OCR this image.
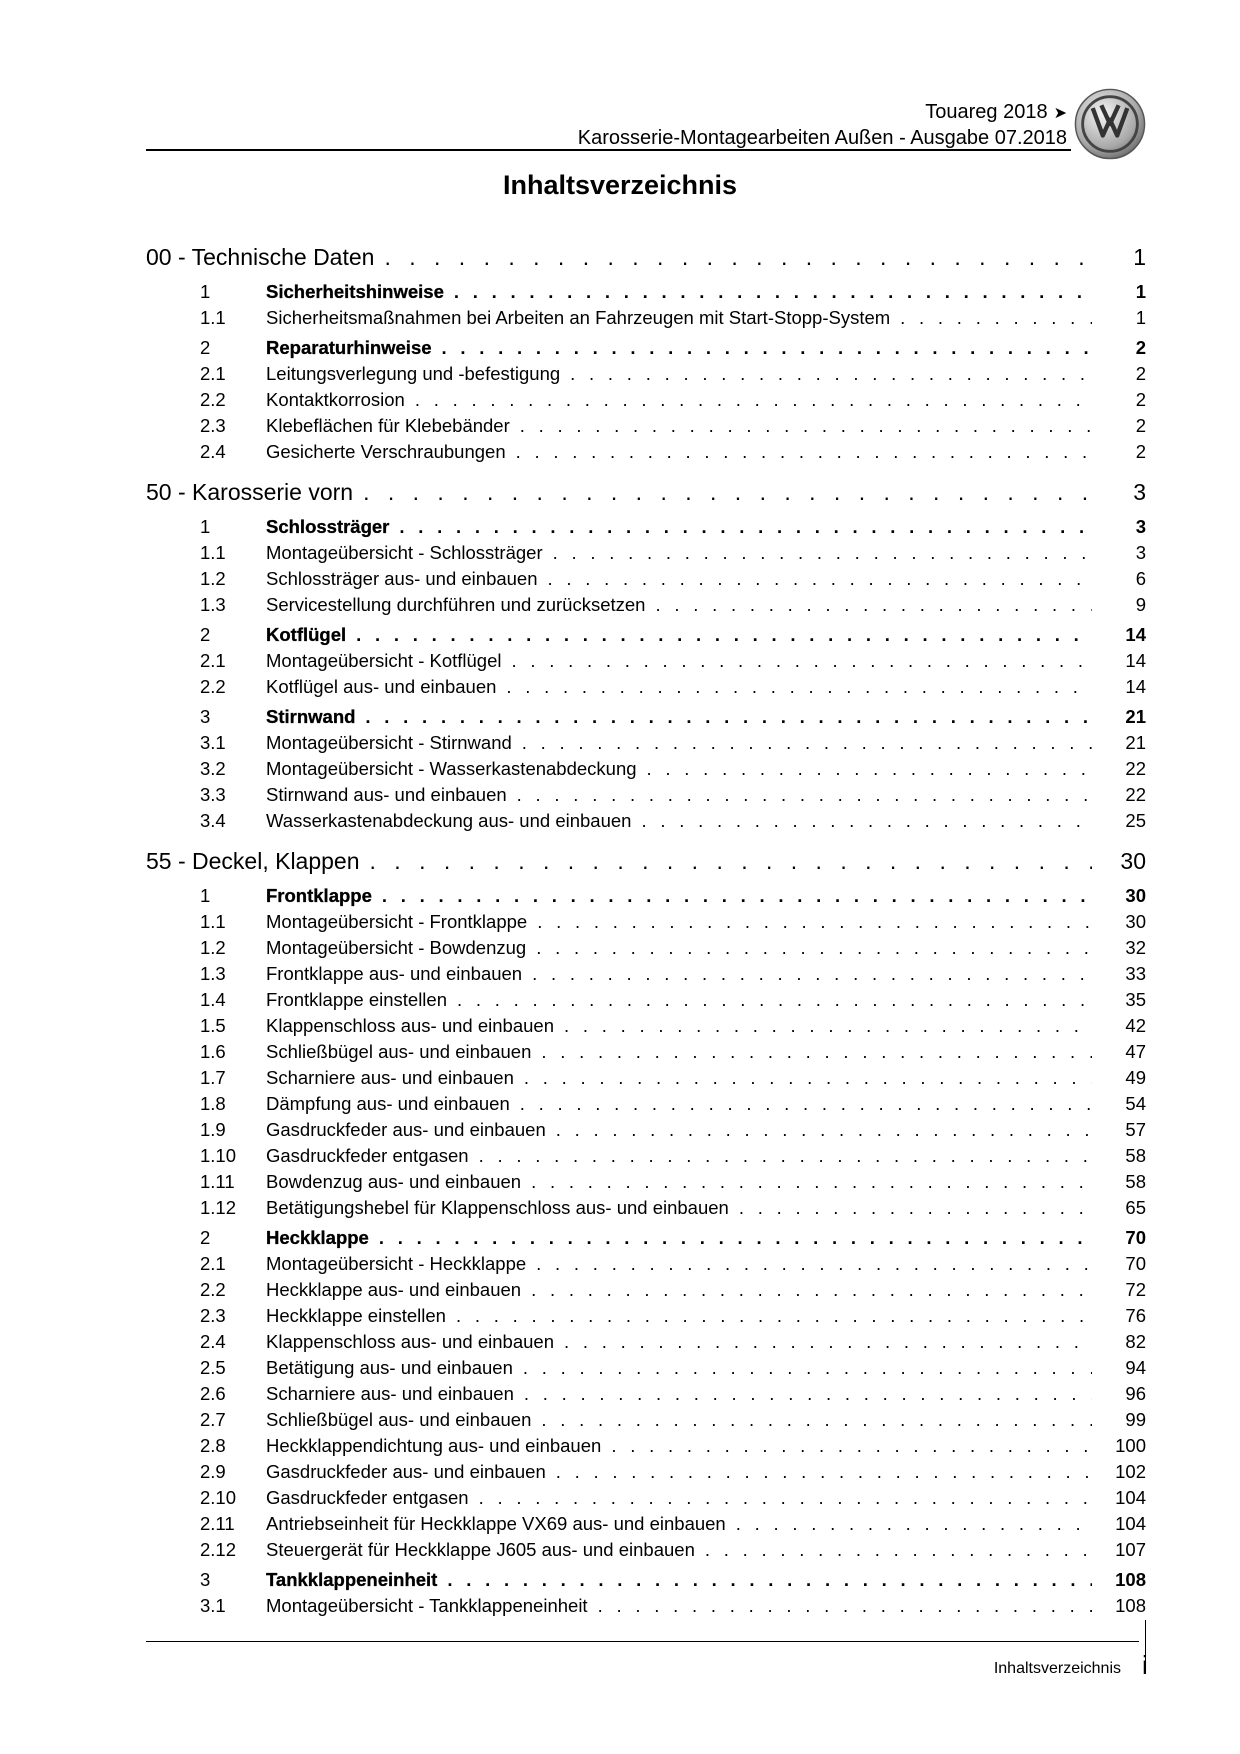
Touareg 2018 ➤
Karosserie-Montagearbeiten Außen - Ausgabe 07.2018
Inhaltsverzeichnis
00 - Technische Daten . . .	1
1	Sicherheitshinweise . . .	1
1.1	Sicherheitsmaßnahmen bei Arbeiten an Fahrzeugen mit Start-Stopp-System . . .	1
2	Reparaturhinweise . . .	2
2.1	Leitungsverlegung und -befestigung . . .	2
2.2	Kontaktkorrosion . . .	2
2.3	Klebeflächen für Klebebänder . . .	2
2.4	Gesicherte Verschraubungen . . .	2
50 - Karosserie vorn . . .	3
1	Schlossträger . . .	3
1.1	Montageübersicht - Schlossträger . . .	3
1.2	Schlossträger aus- und einbauen . . .	6
1.3	Servicestellung durchführen und zurücksetzen . . .	9
2	Kotflügel . . .	14
2.1	Montageübersicht - Kotflügel . . .	14
2.2	Kotflügel aus- und einbauen . . .	14
3	Stirnwand . . .	21
3.1	Montageübersicht - Stirnwand . . .	21
3.2	Montageübersicht - Wasserkastenabdeckung . . .	22
3.3	Stirnwand aus- und einbauen . . .	22
3.4	Wasserkastenabdeckung aus- und einbauen . . .	25
55 - Deckel, Klappen . . .	30
1	Frontklappe . . .	30
1.1	Montageübersicht - Frontklappe . . .	30
1.2	Montageübersicht - Bowdenzug . . .	32
1.3	Frontklappe aus- und einbauen . . .	33
1.4	Frontklappe einstellen . . .	35
1.5	Klappenschloss aus- und einbauen . . .	42
1.6	Schließbügel aus- und einbauen . . .	47
1.7	Scharniere aus- und einbauen . . .	49
1.8	Dämpfung aus- und einbauen . . .	54
1.9	Gasdruckfeder aus- und einbauen . . .	57
1.10	Gasdruckfeder entgasen . . .	58
1.11	Bowdenzug aus- und einbauen . . .	58
1.12	Betätigungshebel für Klappenschloss aus- und einbauen . . .	65
2	Heckklappe . . .	70
2.1	Montageübersicht - Heckklappe . . .	70
2.2	Heckklappe aus- und einbauen . . .	72
2.3	Heckklappe einstellen . . .	76
2.4	Klappenschloss aus- und einbauen . . .	82
2.5	Betätigung aus- und einbauen . . .	94
2.6	Scharniere aus- und einbauen . . .	96
2.7	Schließbügel aus- und einbauen . . .	99
2.8	Heckklappendichtung aus- und einbauen . . .	100
2.9	Gasdruckfeder aus- und einbauen . . .	102
2.10	Gasdruckfeder entgasen . . .	104
2.11	Antriebseinheit für Heckklappe VX69 aus- und einbauen . . .	104
2.12	Steuergerät für Heckklappe J605 aus- und einbauen . . .	107
3	Tankklappeneinheit . . .	108
3.1	Montageübersicht - Tankklappeneinheit . . .	108
Inhaltsverzeichnis i
